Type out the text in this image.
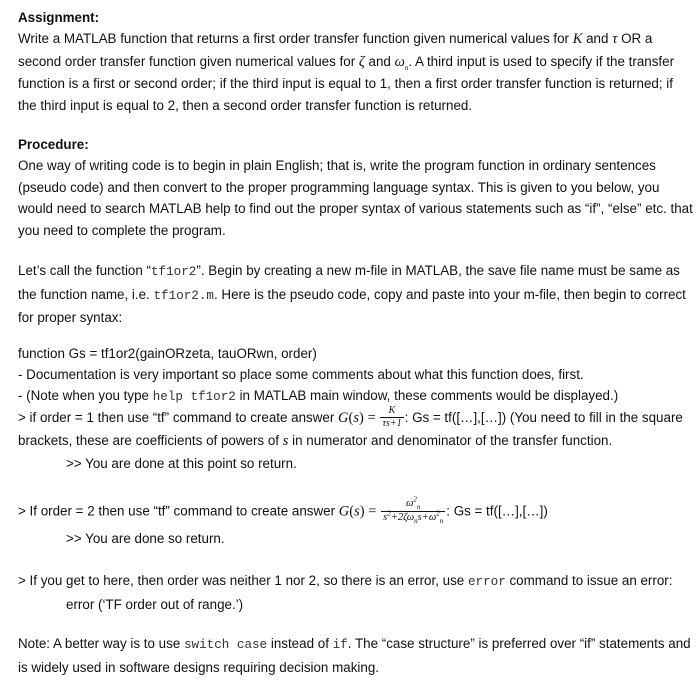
Assignment:

Write a MATLAB function that returns a first order transfer function given numerical values for K and τ OR a second order transfer function given numerical values for ζ and $\omega_n$. A third input is used to specify if the transfer function is a first or second order; if the third input is equal to 1, then a first order transfer function is returned; if the third input is equal to 2, then a second order transfer function is returned.

Procedure:

One way of writing code is to begin in plain English; that is, write the program function in ordinary sentences (pseudo code) and then convert to the proper programming language syntax. This is given to you below, you would need to search MATLAB help to find out the proper syntax of various statements such as “if”, “else” etc. that you need to complete the program.

Let’s call the function “tf1or2”. Begin by creating a new m-file in MATLAB, the save file name must be same as the function name, i.e. tf1or2.m. Here is the pseudo code, copy and paste into your m-file, then begin to correct for proper syntax:

function Gs = tf1or2(gainORzeta, tauORwn, order)

- Documentation is very important so place some comments about what this function does, first.

- (Note when you type help tf1or2 in MATLAB main window, these comments would be displayed.)

> if order = 1 then use “tf” command to create answer $G(s) = \frac{K}{\tau s+1}$ : Gs = tf([…],[…]) (You need to fill in the square brackets, these are coefficients of powers of s in numerator and denominator of the transfer function.

>> You are done at this point so return.

> If order = 2 then use “tf” command to create answer $G(s) = \frac{\omega^2_n}{s^2+2\zeta\omega_ns+\omega^2_n}$ : Gs = tf([…],[…])

>> You are done so return.

> If you get to here, then order was neither 1 nor 2, so there is an error, use error command to issue an error: error (‘TF order out of range.’)

Note: A better way is to use switch case instead of if. The “case structure” is preferred over “if” statements and is widely used in software designs requiring decision making.
